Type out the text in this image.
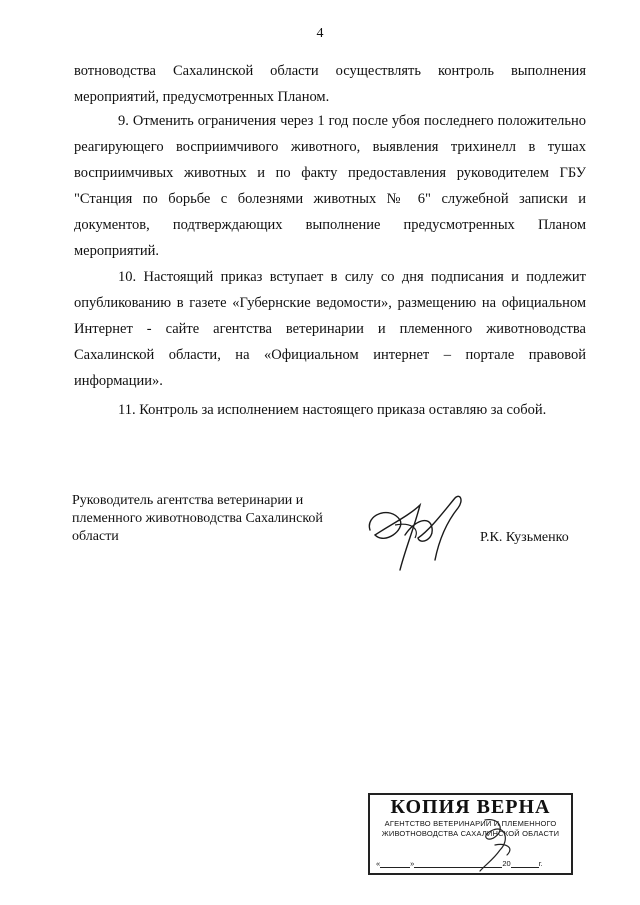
4

вотноводства Сахалинской области осуществлять контроль выполнения мероприятий, предусмотренных Планом.

9. Отменить ограничения через 1 год после убоя последнего положительно реагирующего восприимчивого животного, выявления трихинелл в тушах восприимчивых животных и по факту предоставления руководителем ГБУ "Станция по борьбе с болезнями животных № 6" служебной записки и документов, подтверждающих выполнение предусмотренных Планом мероприятий.

10. Настоящий приказ вступает в силу со дня подписания и подлежит опубликованию в газете «Губернские ведомости», размещению на официальном Интернет - сайте агентства ветеринарии и племенного животноводства Сахалинской области, на «Официальном интернет – портале правовой информации».

11. Контроль за исполнением настоящего приказа оставляю за собой.

Руководитель агентства ветеринарии и
племенного животноводства Сахалинской
области	Р.К. Кузьменко
КОПИЯ ВЕРНА
АГЕНТСТВО ВЕТЕРИНАРИИ И ПЛЕМЕННОГО
ЖИВОТНОВОДСТВА САХАЛИНСКОЙ ОБЛАСТИ
«	»	20	г.
